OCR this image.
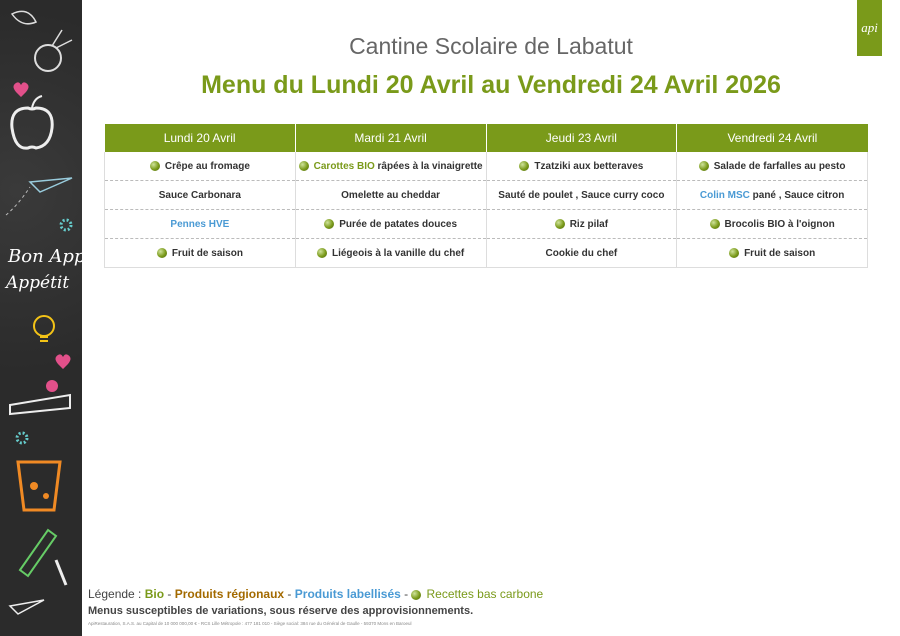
Bon Appétit
Appétit
api
Cantine Scolaire de Labatut
Menu du Lundi 20 Avril au Vendredi 24 Avril 2026
Lundi 20 Avril	Mardi 21 Avril	Jeudi 23 Avril	Vendredi 24 Avril
Crêpe au fromage	Carottes BIO râpées à la vinaigrette	Tzatziki aux betteraves	Salade de farfalles au pesto
Sauce Carbonara	Omelette au cheddar	Sauté de poulet , Sauce curry coco	Colin MSC pané , Sauce citron
Pennes HVE	Purée de patates douces	Riz pilaf	Brocolis BIO à l'oignon
Fruit de saison	Liégeois à la vanille du chef	Cookie du chef	Fruit de saison
Légende : Bio - Produits régionaux - Produits labellisés - Recettes bas carbone
Menus susceptibles de variations, sous réserve des approvisionnements.
ApiRestauration, S.A.S. au Capital de 10 000 000,00 € - RCS Lille Métropole : 477 181 010 - Siège social: 384 rue du Général de Gaulle - 59370 Mons en Baroeul
